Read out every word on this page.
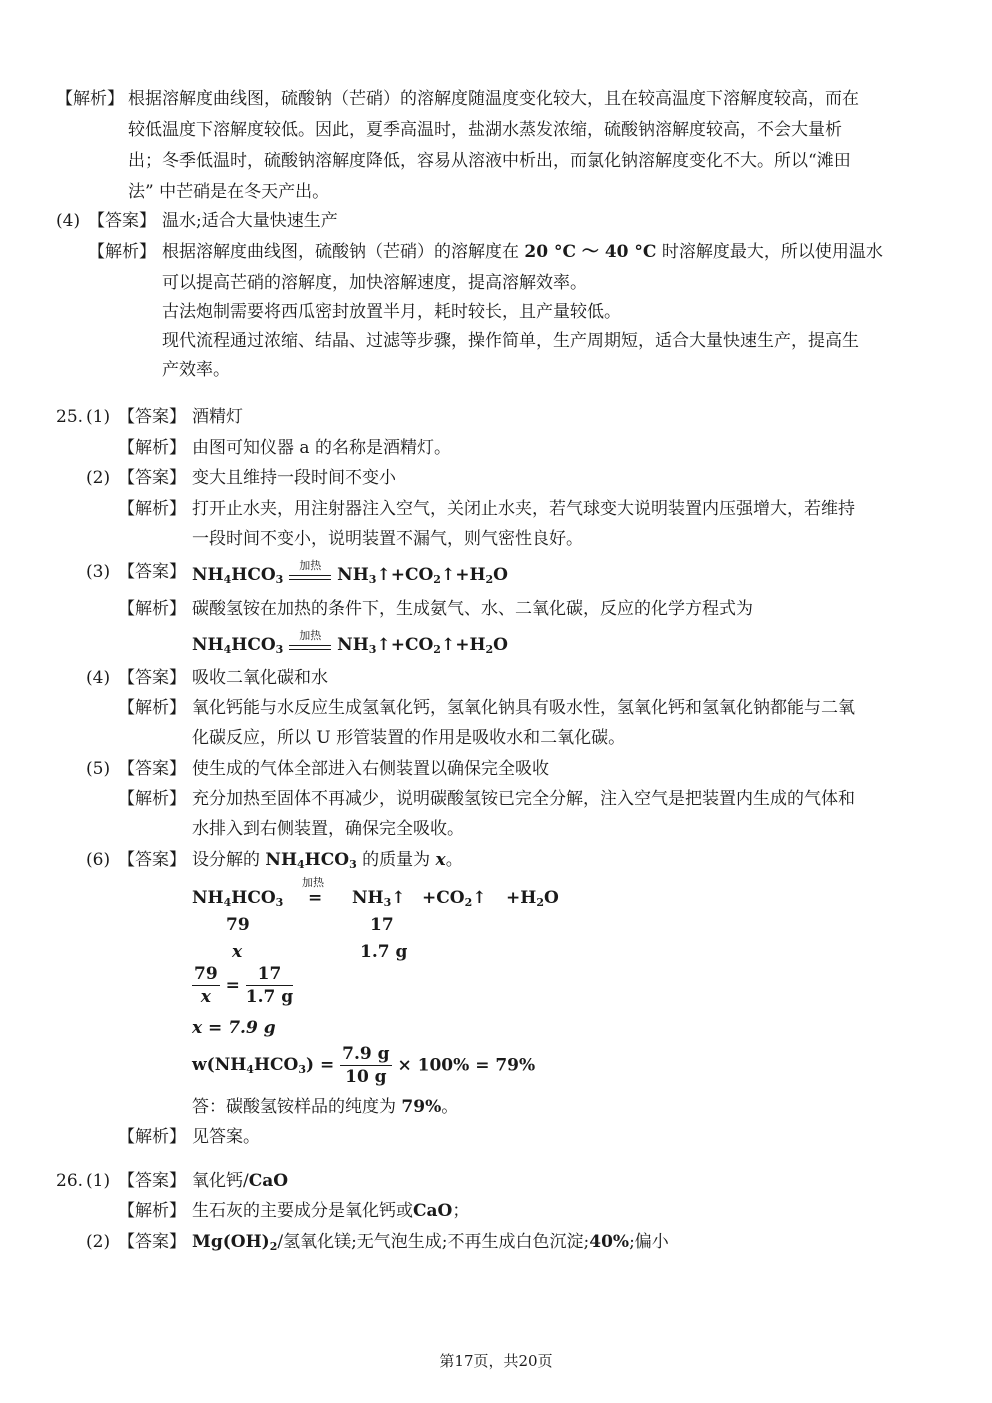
【解析】 根据溶解度曲线图，硫酸钠（芒硝）的溶解度随温度变化较大，且在较高温度下溶解度较高，而在
较低温度下溶解度较低。因此，夏季高温时，盐湖水蒸发浓缩，硫酸钠溶解度较高，不会大量析
出；冬季低温时，硫酸钠溶解度降低，容易从溶液中析出，而氯化钠溶解度变化不大。所以“滩田
法” 中芒硝是在冬天产出。
(4) 【答案】 温水;适合大量快速生产
【解析】 根据溶解度曲线图，硫酸钠（芒硝）的溶解度在 20 °C ～ 40 °C 时溶解度最大，所以使用温水
可以提高芒硝的溶解度，加快溶解速度，提高溶解效率。
古法炮制需要将西瓜密封放置半月，耗时较长，且产量较低。
现代流程通过浓缩、结晶、过滤等步骤，操作简单，生产周期短，适合大量快速生产，提高生
产效率。
25. (1) 【答案】 酒精灯
【解析】 由图可知仪器 a 的名称是酒精灯。
(2) 【答案】 变大且维持一段时间不变小
【解析】 打开止水夹，用注射器注入空气，关闭止水夹，若气球变大说明装置内压强增大，若维持
一段时间不变小，说明装置不漏气，则气密性良好。
(3) 【答案】 $NH_4HCO_3$
加热 $NH_3↑+CO_2↑+H_2O$
【解析】 碳酸氢铵在加热的条件下，生成氨气、水、二氧化碳，反应的化学方程式为
$NH_4HCO_3$
加热 $NH_3↑+CO_2↑+H_2O$
(4) 【答案】 吸收二氧化碳和水
【解析】 氧化钙能与水反应生成氢氧化钙，氢氧化钠具有吸水性，氢氧化钙和氢氧化钠都能与二氧
化碳反应，所以 U 形管装置的作用是吸收水和二氧化碳。
(5) 【答案】 使生成的气体全部进入右侧装置以确保完全吸收
【解析】 充分加热至固体不再减少，说明碳酸氢铵已完全分解，注入空气是把装置内生成的气体和
水排入到右侧装置，确保完全吸收。
(6) 【答案】 设分解的 $NH_4HCO_3$ 的质量为 x。
$NH_4HCO_3$
加热
= $NH_3↑$ $+CO_2↑ +H_2O$
79	17
x	1.7 g
$\frac{79}{x} = \frac{17}{1.7 g}$
x = 7.9 g
$w(NH_4HCO_3) = \frac{7.9 g}{10 g} \times 100\% = 79\%$
答：碳酸氢铵样品的纯度为 79%。
【解析】 见答案。
26. (1) 【答案】 氧化钙/CaO
【解析】 生石灰的主要成分是氧化钙或CaO；
(2) 【答案】 $Mg(OH)_2/$氢氧化镁;无气泡生成;不再生成白色沉淀;40%;偏小
第17页，共20页
